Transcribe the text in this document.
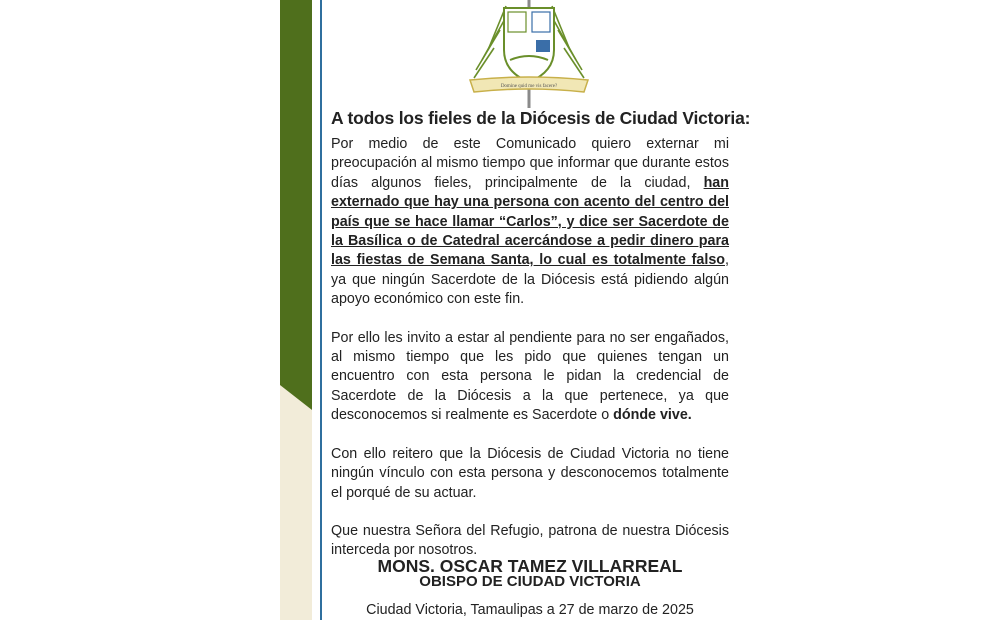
Domine quid me vis facere?
A todos los fieles de la Diócesis de Ciudad Victoria:

Por medio de este Comunicado quiero externar mi preocupación al mismo tiempo que informar que durante estos días algunos fieles, principalmente de la ciudad, han externado que hay una persona con acento del centro del país que se hace llamar “Carlos”, y dice ser Sacerdote de la Basílica o de Catedral acercándose a pedir dinero para las fiestas de Semana Santa, lo cual es totalmente falso, ya que ningún Sacerdote de la Diócesis está pidiendo algún apoyo económico con este fin.

Por ello les invito a estar al pendiente para no ser engañados, al mismo tiempo que les pido que quienes tengan un encuentro con esta persona le pidan la credencial de Sacerdote de la Diócesis a la que pertenece, ya que desconocemos si realmente es Sacerdote o dónde vive.

Con ello reitero que la Diócesis de Ciudad Victoria no tiene ningún vínculo con esta persona y desconocemos totalmente el porqué de su actuar.

Que nuestra Señora del Refugio, patrona de nuestra Diócesis interceda por nosotros.

MONS. OSCAR TAMEZ VILLARREAL
OBISPO DE CIUDAD VICTORIA
Ciudad Victoria, Tamaulipas a 27 de marzo de 2025
